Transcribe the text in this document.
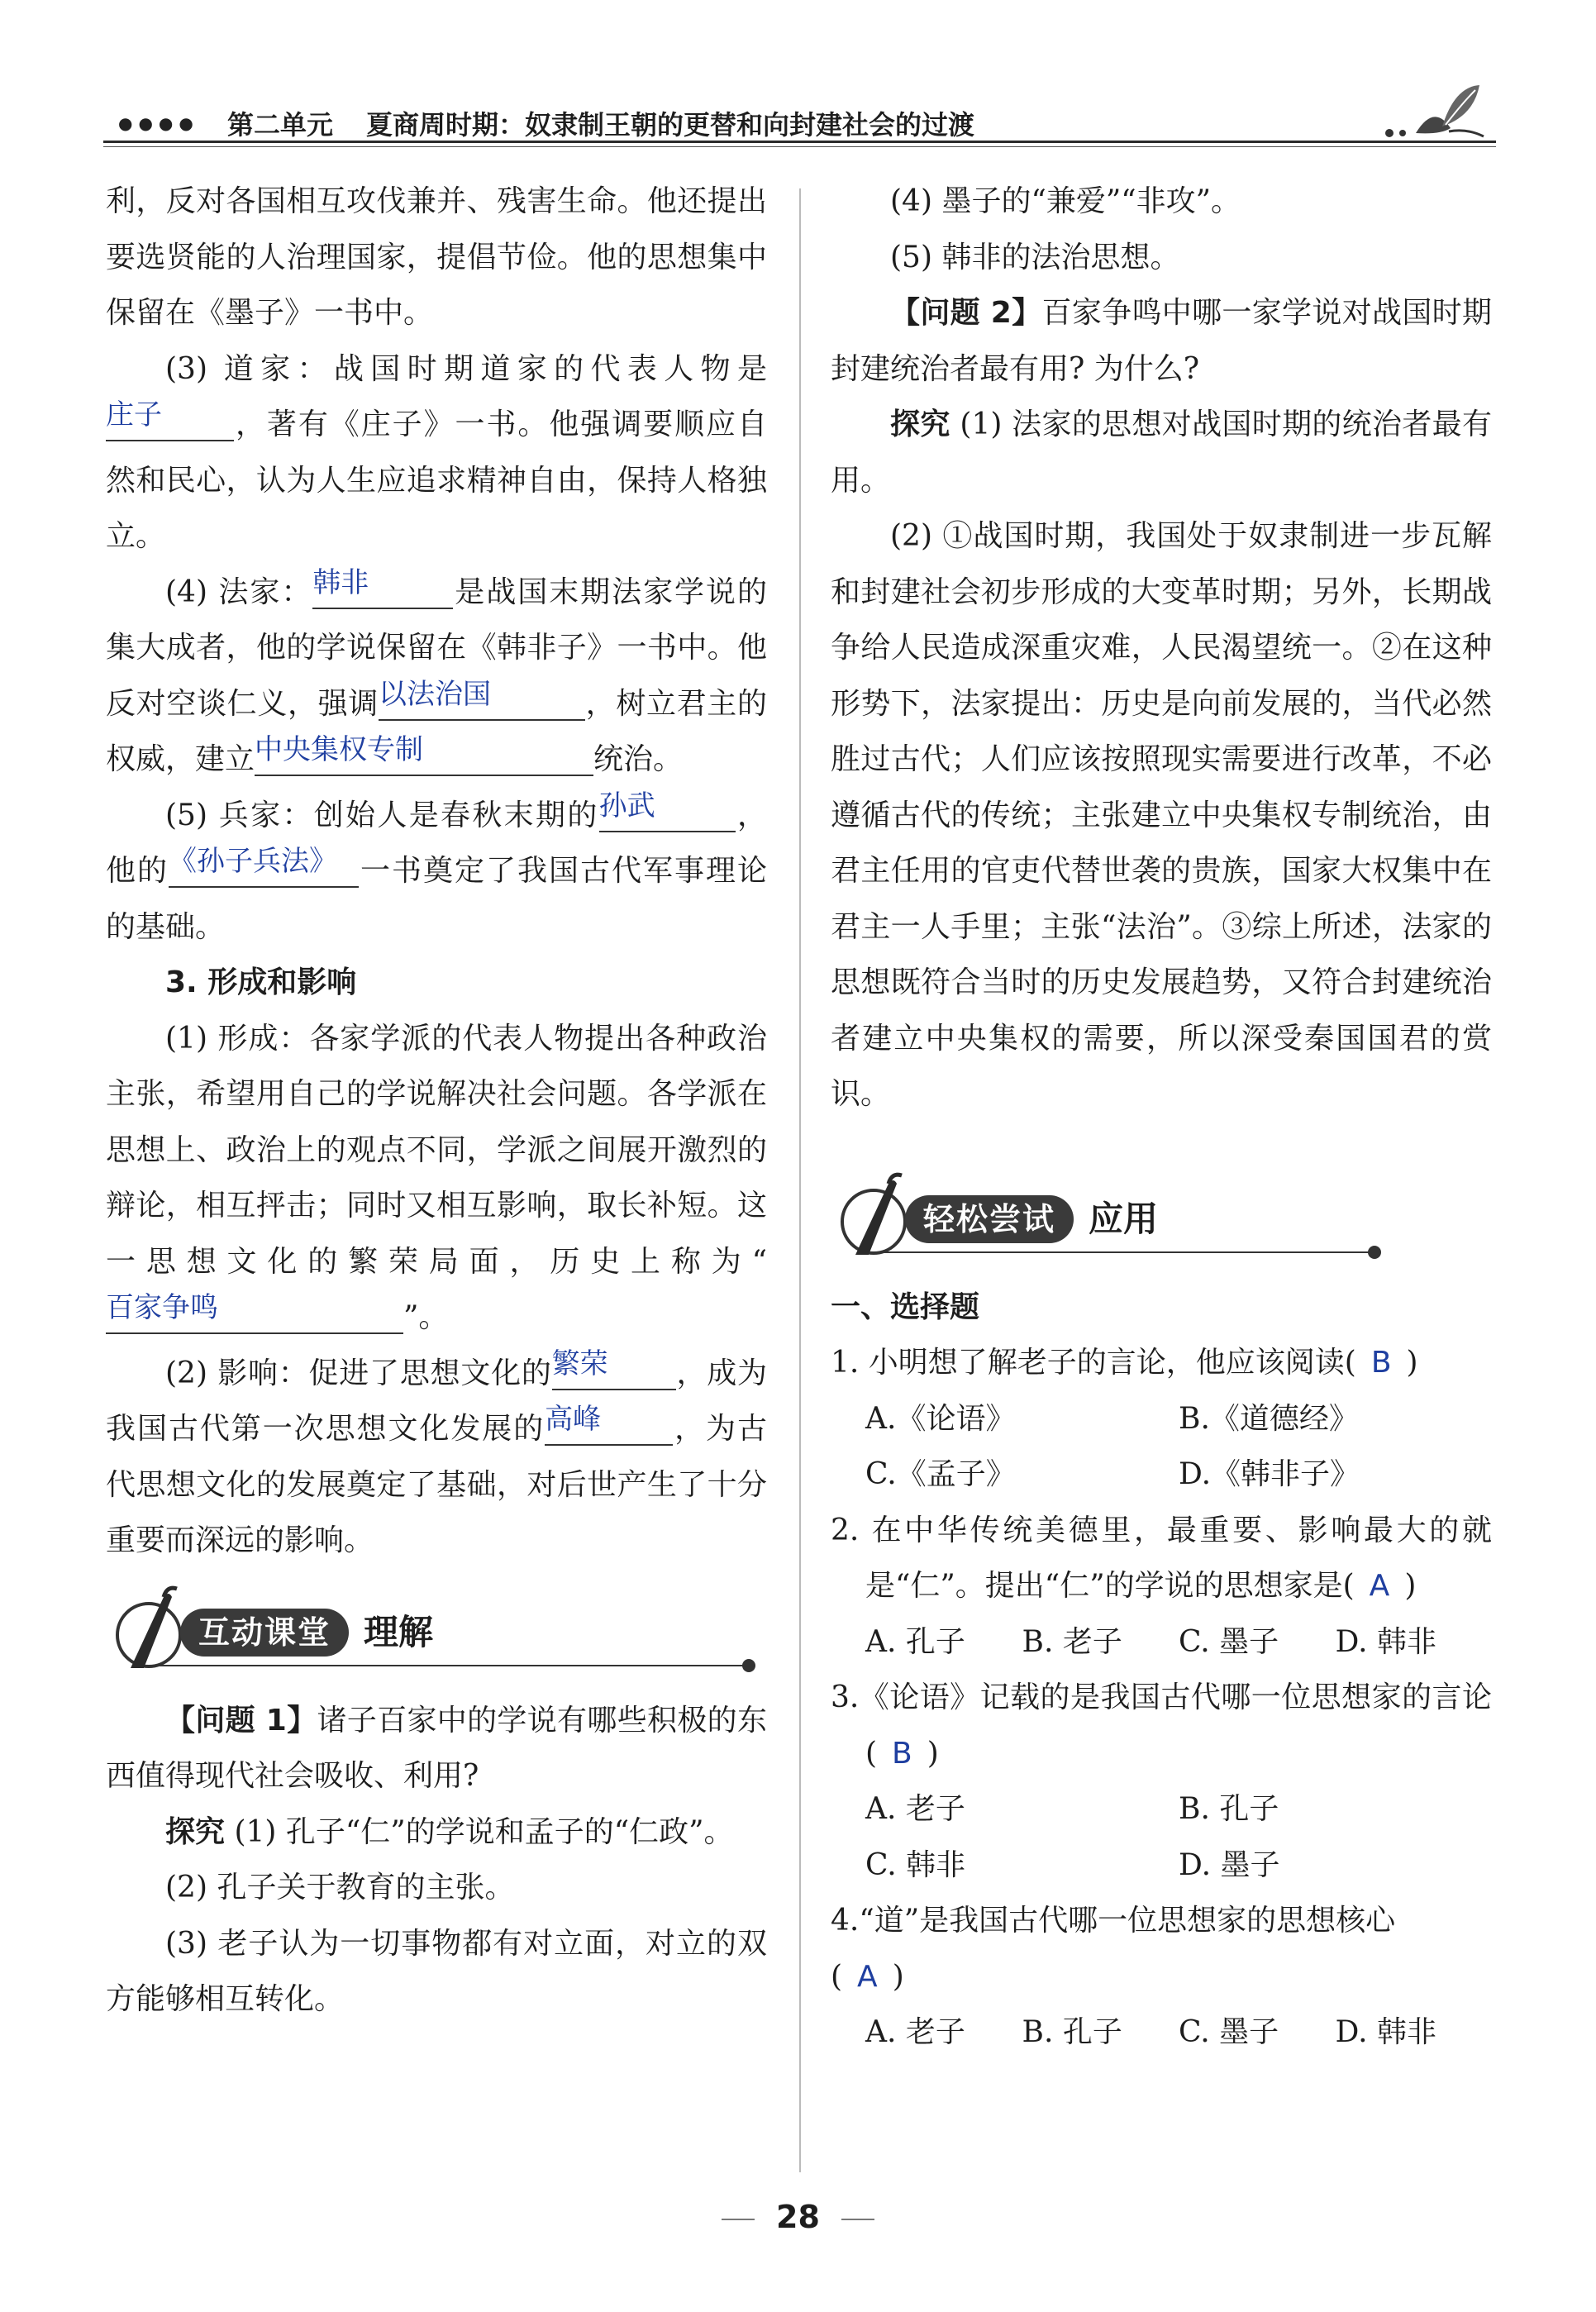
●●●● 第二单元 夏商周时期：奴隶制王朝的更替和向封建社会的过渡

利，反对各国相互攻伐兼并、残害生命。他还提出要选贤能的人治理国家，提倡节俭。他的思想集中保留在《墨子》一书中。

(3) 道家：战国时期道家的代表人物是庄子 ，著有《庄子》一书。他强调要顺应自然和民心，认为人生应追求精神自由，保持人格独立。

(4) 法家：韩非	是战国末期法家学说的集大成者，他的学说保留在《韩非子》一书中。他反对空谈仁义，强调以法治国	，树立君主的权威，建立中央集权专制	统治。

(5) 兵家：创始人是春秋末期的孙武	，他的《孙子兵法》 一书奠定了我国古代军事理论的基础。

3. 形成和影响

(1) 形成：各家学派的代表人物提出各种政治主张，希望用自己的学说解决社会问题。各学派在思想上、政治上的观点不同，学派之间展开激烈的辩论，相互抨击；同时又相互影响，取长补短。这一思想文化的繁荣局面，历史上称为“百家争鸣	”。

(2) 影响：促进了思想文化的繁荣 ，成为我国古代第一次思想文化发展的高峰 ，为古代思想文化的发展奠定了基础，对后世产生了十分重要而深远的影响。

互动课堂 理解

【问题 1】诸子百家中的学说有哪些积极的东西值得现代社会吸收、利用?

探究 (1) 孔子“仁”的学说和孟子的“仁政”。

(2) 孔子关于教育的主张。

(3) 老子认为一切事物都有对立面，对立的双方能够相互转化。

(4) 墨子的“兼爱”“非攻”。

(5) 韩非的法治思想。

【问题 2】百家争鸣中哪一家学说对战国时期封建统治者最有用? 为什么?

探究 (1) 法家的思想对战国时期的统治者最有用。

(2) ①战国时期，我国处于奴隶制进一步瓦解和封建社会初步形成的大变革时期；另外，长期战争给人民造成深重灾难，人民渴望统一。②在这种形势下，法家提出：历史是向前发展的，当代必然胜过古代；人们应该按照现实需要进行改革，不必遵循古代的传统；主张建立中央集权专制统治，由君主任用的官吏代替世袭的贵族，国家大权集中在君主一人手里；主张“法治”。③综上所述，法家的思想既符合当时的历史发展趋势，又符合封建统治者建立中央集权的需要，所以深受秦国国君的赏识。

轻松尝试 应用

一、选择题

1. 小明想了解老子的言论，他应该阅读( B )

A.《论语》	B.《道德经》
C.《孟子》	D.《韩非子》

2. 在中华传统美德里，最重要、影响最大的就是“仁”。提出“仁”的学说的思想家是( A )

A. 孔子	B. 老子	C. 墨子	D. 韩非

3.《论语》记载的是我国古代哪一位思想家的言论( B )

A. 老子	B. 孔子
C. 韩非	D. 墨子

4.“道”是我国古代哪一位思想家的思想核心

( A )

A. 老子	B. 孔子	C. 墨子	D. 韩非
28
